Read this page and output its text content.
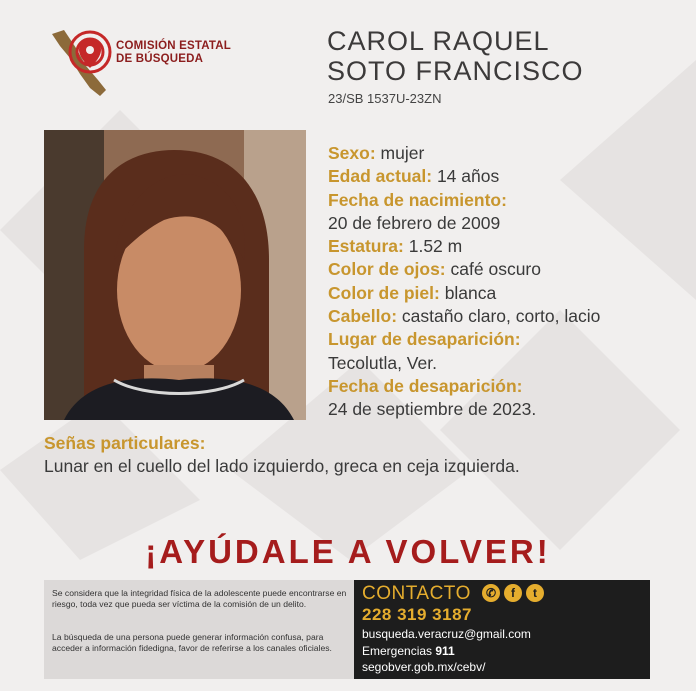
COMISIÓN ESTATAL
DE BÚSQUEDA
CAROL RAQUEL
SOTO FRANCISCO
23/SB 1537U-23ZN
Sexo: mujer
Edad actual: 14 años
Fecha de nacimiento:
20 de febrero de 2009
Estatura: 1.52 m
Color de ojos: café oscuro
Color de piel: blanca
Cabello: castaño claro, corto, lacio
Lugar de desaparición:
Tecolutla, Ver.
Fecha de desaparición:
24 de septiembre de 2023.
Señas particulares:
Lunar en el cuello del lado izquierdo, greca en ceja izquierda.
¡AYÚDALE A VOLVER!

Se considera que la integridad física de la adolescente puede encontrarse en riesgo, toda vez que pueda ser víctima de la comisión de un delito.

La búsqueda de una persona puede generar información confusa, para acceder a información fidedigna, favor de referirse a los canales oficiales.

CONTACTO	✆	f	t
228 319 3187
busqueda.veracruz@gmail.com
Emergencias 911
segobver.gob.mx/cebv/
